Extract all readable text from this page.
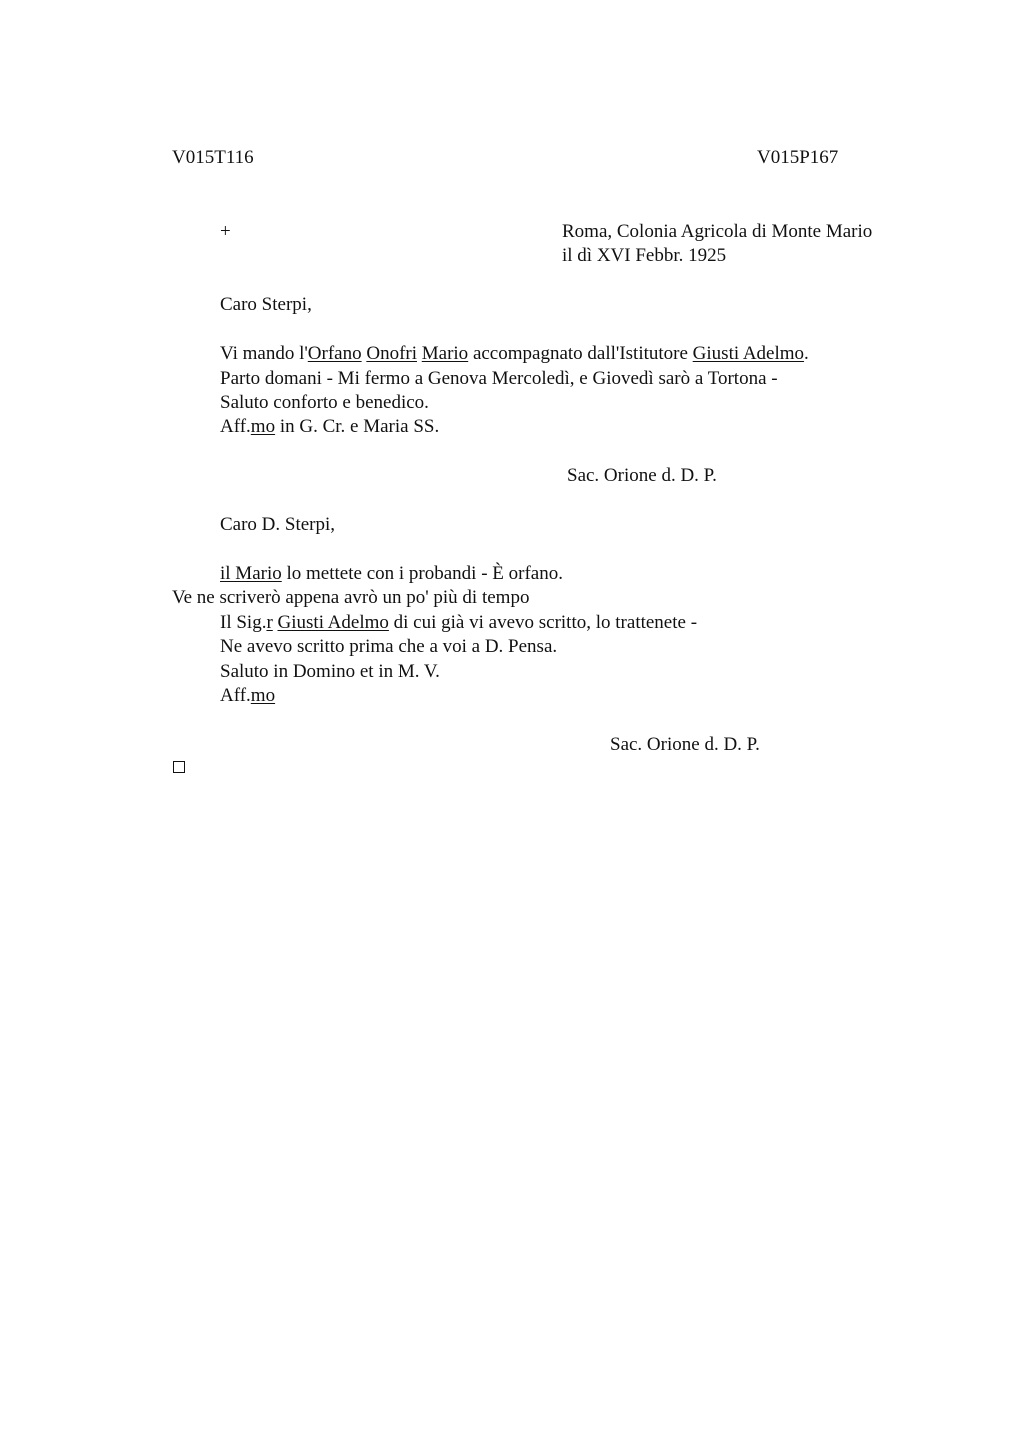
V015T116	V015P167
+	Roma, Colonia Agricola di Monte Mario
il dì XVI Febbr. 1925
Caro Sterpi,
Vi mando l'Orfano Onofri Mario accompagnato dall'Istitutore Giusti Adelmo.
Parto domani - Mi fermo a Genova Mercoledì, e Giovedì sarò a Tortona -
Saluto conforto e benedico.
Aff.mo in G. Cr. e Maria SS.
Sac. Orione d. D. P.
Caro D. Sterpi,
il Mario lo mettete con i probandi - È orfano.
Ve ne scriverò appena avrò un po' più di tempo
Il Sig.r Giusti Adelmo di cui già vi avevo scritto, lo trattenete -
Ne avevo scritto prima che a voi a D. Pensa.
Saluto in Domino et in M. V.
Aff.mo
Sac. Orione d. D. P.
